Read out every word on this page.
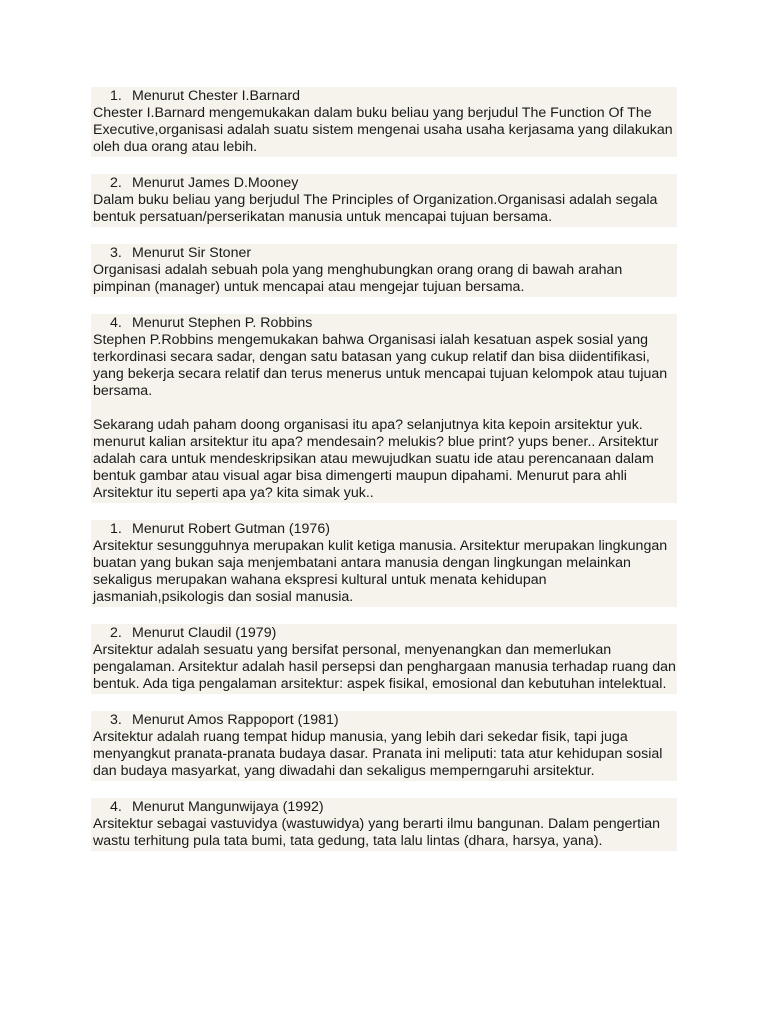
1. Menurut Chester I.Barnard
Chester I.Barnard mengemukakan dalam buku beliau yang berjudul The Function Of The Executive,organisasi adalah suatu sistem mengenai usaha usaha kerjasama yang dilakukan oleh dua orang atau lebih.
2. Menurut James D.Mooney
Dalam buku beliau yang berjudul The Principles of Organization.Organisasi adalah segala bentuk persatuan/perserikatan manusia untuk mencapai tujuan bersama.
3. Menurut Sir Stoner
Organisasi adalah sebuah pola yang menghubungkan orang orang di bawah arahan pimpinan (manager) untuk mencapai atau mengejar tujuan bersama.
4. Menurut Stephen P. Robbins
Stephen P.Robbins mengemukakan bahwa Organisasi ialah kesatuan aspek sosial yang terkordinasi secara sadar, dengan satu batasan yang cukup relatif dan bisa diidentifikasi, yang bekerja secara relatif dan terus menerus untuk mencapai tujuan kelompok atau tujuan bersama.
Sekarang udah paham doong organisasi itu apa? selanjutnya kita kepoin arsitektur yuk. menurut kalian arsitektur itu apa? mendesain? melukis? blue print? yups bener.. Arsitektur adalah cara untuk mendeskripsikan atau mewujudkan suatu ide atau perencanaan dalam bentuk gambar atau visual agar bisa dimengerti maupun dipahami. Menurut para ahli Arsitektur itu seperti apa ya? kita simak yuk..
1. Menurut Robert Gutman (1976)
Arsitektur sesungguhnya merupakan kulit ketiga manusia. Arsitektur merupakan lingkungan buatan yang bukan saja menjembatani antara manusia dengan lingkungan melainkan sekaligus merupakan wahana ekspresi kultural untuk menata kehidupan jasmaniah,psikologis dan sosial manusia.
2. Menurut Claudil (1979)
Arsitektur adalah sesuatu yang bersifat personal, menyenangkan dan memerlukan pengalaman. Arsitektur adalah hasil persepsi dan penghargaan manusia terhadap ruang dan bentuk. Ada tiga pengalaman arsitektur: aspek fisikal, emosional dan kebutuhan intelektual.
3. Menurut Amos Rappoport (1981)
Arsitektur adalah ruang tempat hidup manusia, yang lebih dari sekedar fisik, tapi juga menyangkut pranata-pranata budaya dasar. Pranata ini meliputi: tata atur kehidupan sosial dan budaya masyarkat, yang diwadahi dan sekaligus memperngaruhi arsitektur.
4. Menurut Mangunwijaya (1992)
Arsitektur sebagai vastuvidya (wastuwidya) yang berarti ilmu bangunan. Dalam pengertian wastu terhitung pula tata bumi, tata gedung, tata lalu lintas (dhara, harsya, yana).
